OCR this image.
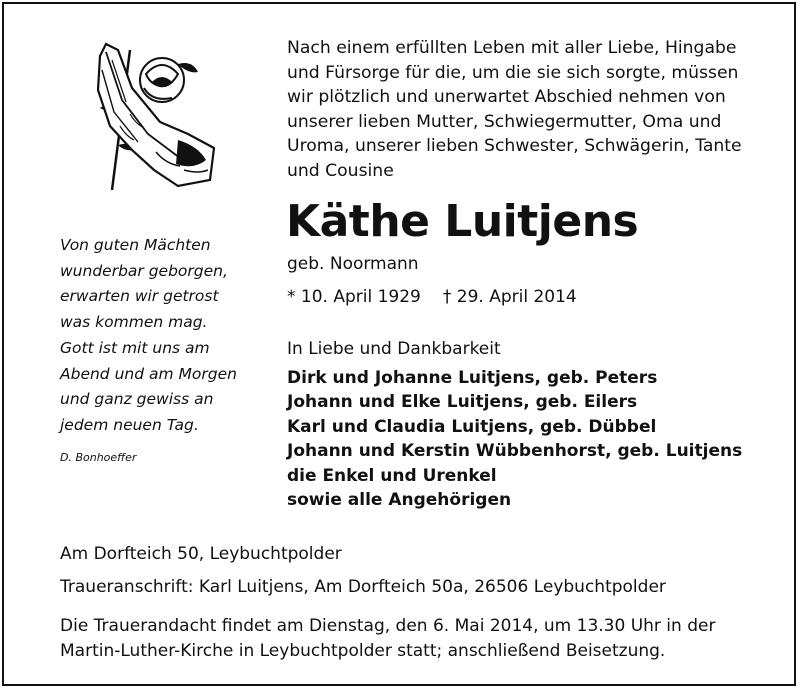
Nach einem erfüllten Leben mit aller Liebe, Hingabe
und Fürsorge für die, um die sie sich sorgte, müssen
wir plötzlich und unerwartet Abschied nehmen von
unserer lieben Mutter, Schwiegermutter, Oma und
Uroma, unserer lieben Schwester, Schwägerin, Tante
und Cousine
Käthe Luitjens
geb. Noormann
* 10. April 1929 † 29. April 2014
Von guten Mächten
wunderbar geborgen,
erwarten wir getrost
was kommen mag.
Gott ist mit uns am
Abend und am Morgen
und ganz gewiss an
jedem neuen Tag.
D. Bonhoeffer
In Liebe und Dankbarkeit
Dirk und Johanne Luitjens, geb. Peters
Johann und Elke Luitjens, geb. Eilers
Karl und Claudia Luitjens, geb. Dübbel
Johann und Kerstin Wübbenhorst, geb. Luitjens
die Enkel und Urenkel
sowie alle Angehörigen
Am Dorfteich 50, Leybuchtpolder
Traueranschrift: Karl Luitjens, Am Dorfteich 50a, 26506 Leybuchtpolder
Die Trauerandacht findet am Dienstag, den 6. Mai 2014, um 13.30 Uhr in der
Martin-Luther-Kirche in Leybuchtpolder statt; anschließend Beisetzung.
